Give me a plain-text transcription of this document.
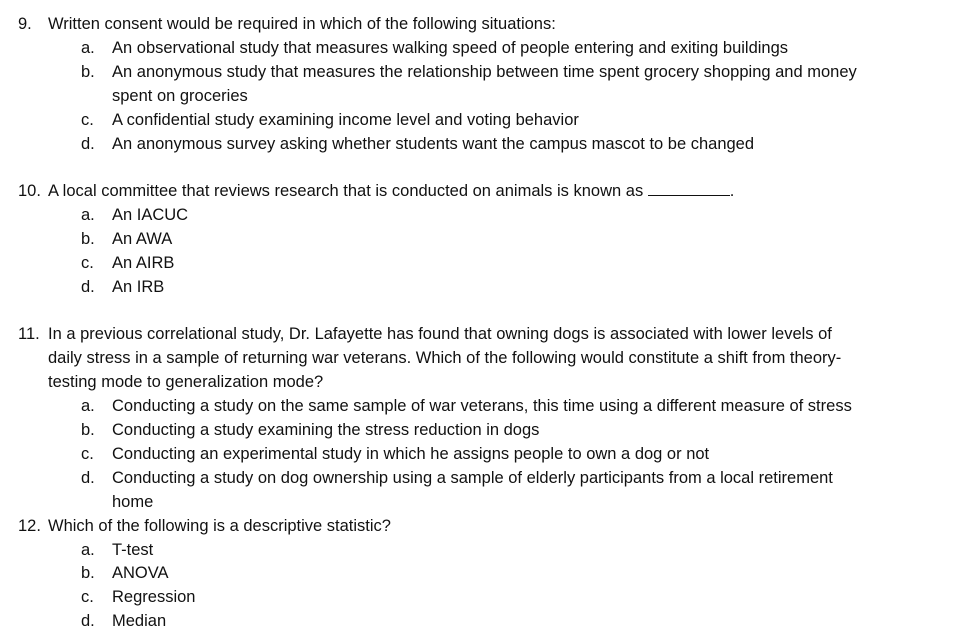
9. Written consent would be required in which of the following situations:
a. An observational study that measures walking speed of people entering and exiting buildings
b. An anonymous study that measures the relationship between time spent grocery shopping and money
spent on groceries
c. A confidential study examining income level and voting behavior
d. An anonymous survey asking whether students want the campus mascot to be changed
10. A local committee that reviews research that is conducted on animals is known as	.
a. An IACUC
b. An AWA
c. An AIRB
d. An IRB
11. In a previous correlational study, Dr. Lafayette has found that owning dogs is associated with lower levels of
daily stress in a sample of returning war veterans. Which of the following would constitute a shift from theory-
testing mode to generalization mode?
a. Conducting a study on the same sample of war veterans, this time using a different measure of stress
b. Conducting a study examining the stress reduction in dogs
c. Conducting an experimental study in which he assigns people to own a dog or not
d. Conducting a study on dog ownership using a sample of elderly participants from a local retirement
home
12. Which of the following is a descriptive statistic?
a. T-test
b. ANOVA
c. Regression
d. Median
